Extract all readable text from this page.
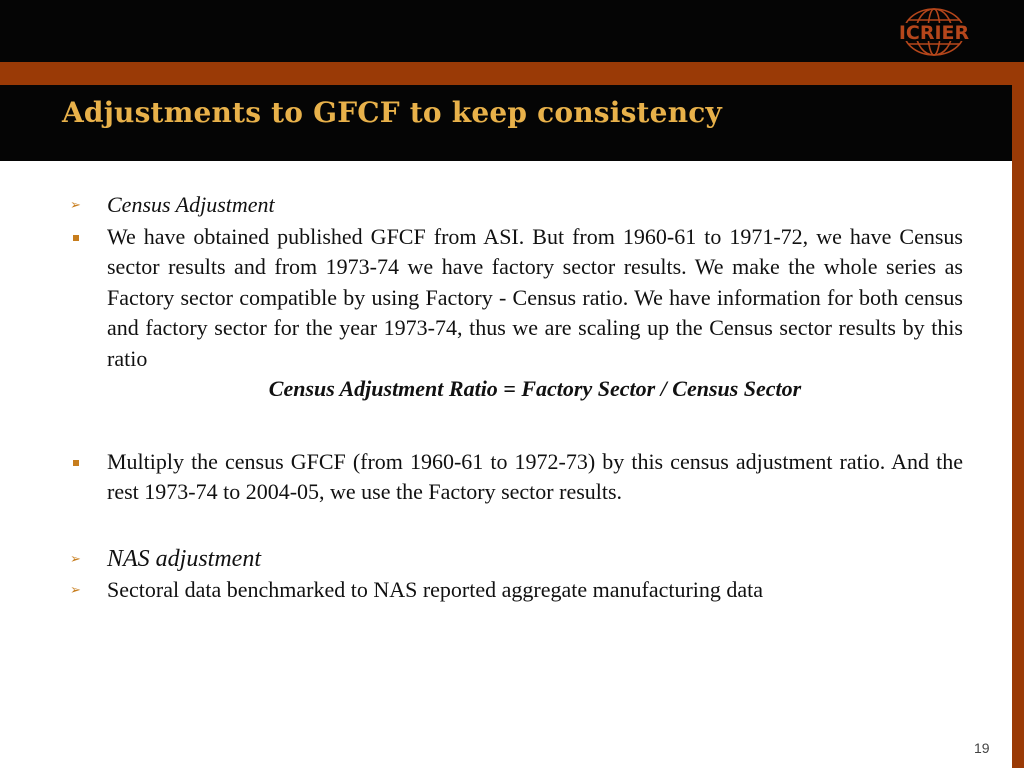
ICRIER
Adjustments to GFCF to keep consistency
➢	Census Adjustment
We have obtained published GFCF from ASI. But from 1960-61 to 1971-72, we have Census sector results and from 1973-74 we have factory sector results. We make the whole series as Factory sector compatible by using Factory - Census ratio. We have information for both census and factory sector for the year 1973-74, thus we are scaling up the Census sector results by this ratio
Census Adjustment Ratio = Factory Sector / Census Sector
Multiply the census GFCF (from 1960-61 to 1972-73) by this census adjustment ratio. And the rest 1973-74 to 2004-05, we use the Factory sector results.
➢	NAS adjustment
➢	Sectoral data benchmarked to NAS reported aggregate manufacturing data
19
